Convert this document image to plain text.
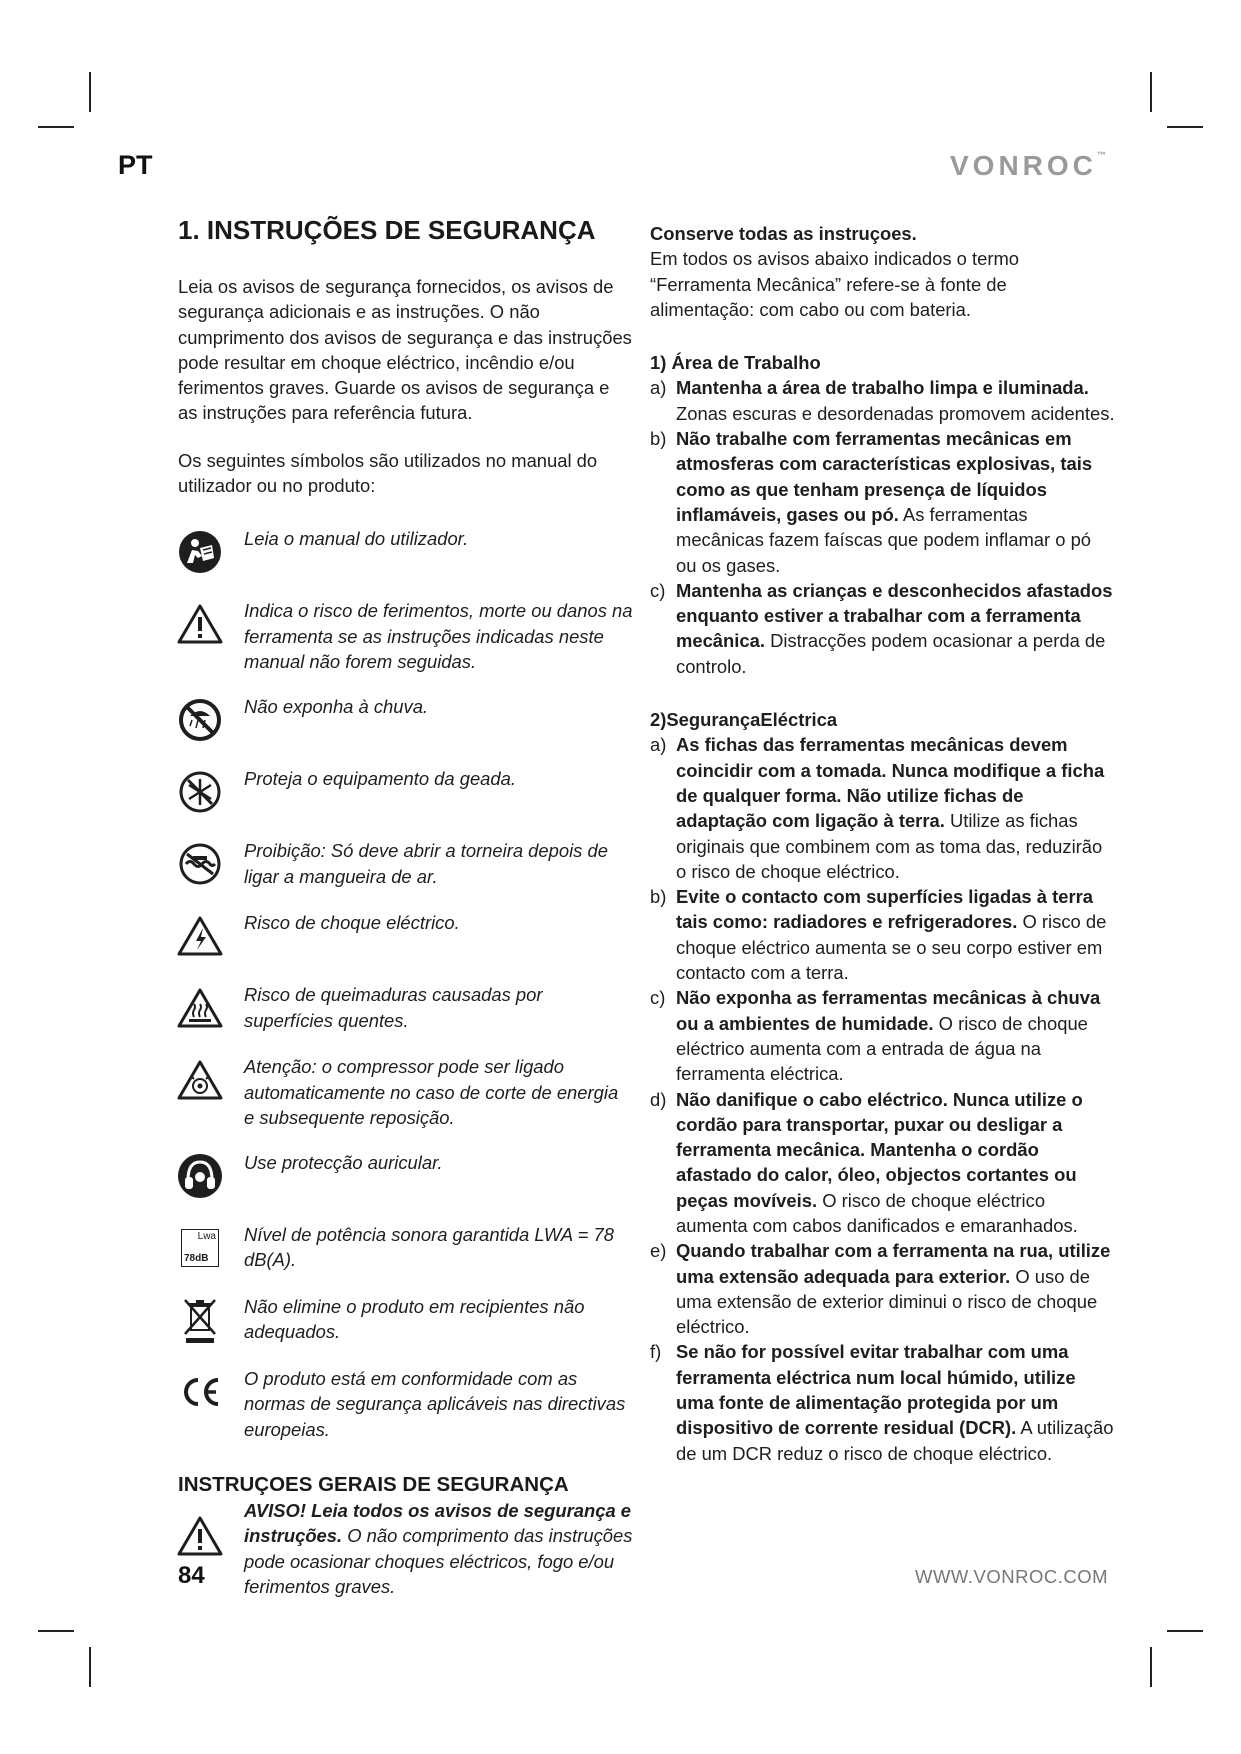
PT	VONROC™
1. INSTRUÇÕES DE SEGURANÇA

Leia os avisos de segurança fornecidos, os avisos de segurança adicionais e as instruções. O não cumprimento dos avisos de segurança e das instruções pode resultar em choque eléctrico, incêndio e/ou ferimentos graves. Guarde os avisos de segurança e as instruções para referência futura.

Os seguintes símbolos são utilizados no manual do utilizador ou no produto:

Leia o manual do utilizador.
Indica o risco de ferimentos, morte ou danos na ferramenta se as instruções indicadas neste manual não forem seguidas.
Não exponha à chuva.
Proteja o equipamento da geada.
Proibição: Só deve abrir a torneira depois de ligar a mangueira de ar.
Risco de choque eléctrico.
Risco de queimaduras causadas por superfícies quentes.
Atenção: o compressor pode ser ligado automaticamente no caso de corte de energia e subsequente reposição.
Use protecção auricular.
Lwa
78dB
Nível de potência sonora garantida LWA = 78 dB(A).
Não elimine o produto em recipientes não adequados.
O produto está em conformidade com as normas de segurança aplicáveis nas directivas europeias.
INSTRUÇOES GERAIS DE SEGURANÇA
AVISO! Leia todos os avisos de segurança e instruções. O não comprimento das instruções pode ocasionar choques eléctricos, fogo e/ou ferimentos graves.

Conserve todas as instruçoes.

Em todos os avisos abaixo indicados o termo “Ferramenta Mecânica” refere-se à fonte de alimentação: com cabo ou com bateria.

1) Área de Trabalho

a) Mantenha a área de trabalho limpa e iluminada. Zonas escuras e desordenadas promovem acidentes.
b) Não trabalhe com ferramentas mecânicas em atmosferas com características explosivas, tais como as que tenham presença de líquidos inflamáveis, gases ou pó. As ferramentas mecânicas fazem faíscas que podem inflamar o pó ou os gases.
c) Mantenha as crianças e desconhecidos afastados enquanto estiver a trabalhar com a ferramenta mecânica. Distracções podem ocasionar a perda de controlo.

2)SegurançaEléctrica

a) As fichas das ferramentas mecânicas devem coincidir com a tomada. Nunca modifique a ficha de qualquer forma. Não utilize fichas de adaptação com ligação à terra. Utilize as fichas originais que combinem com as toma das, reduzirão o risco de choque eléctrico.
b) Evite o contacto com superfícies ligadas à terra tais como: radiadores e refrigeradores. O risco de choque eléctrico aumenta se o seu corpo estiver em contacto com a terra.
c) Não exponha as ferramentas mecânicas à chuva ou a ambientes de humidade. O risco de choque eléctrico aumenta com a entrada de água na ferramenta eléctrica.
d) Não danifique o cabo eléctrico. Nunca utilize o cordão para transportar, puxar ou desligar a ferramenta mecânica. Mantenha o cordão afastado do calor, óleo, objectos cortantes ou peças movíveis. O risco de choque eléctrico aumenta com cabos danificados e emaranhados.
e) Quando trabalhar com a ferramenta na rua, utilize uma extensão adequada para exterior. O uso de uma extensão de exterior diminui o risco de choque eléctrico.
f) Se não for possível evitar trabalhar com uma ferramenta eléctrica num local húmido, utilize uma fonte de alimentação protegida por um dispositivo de corrente residual (DCR). A utilização de um DCR reduz o risco de choque eléctrico.
84	WWW.VONROC.COM
